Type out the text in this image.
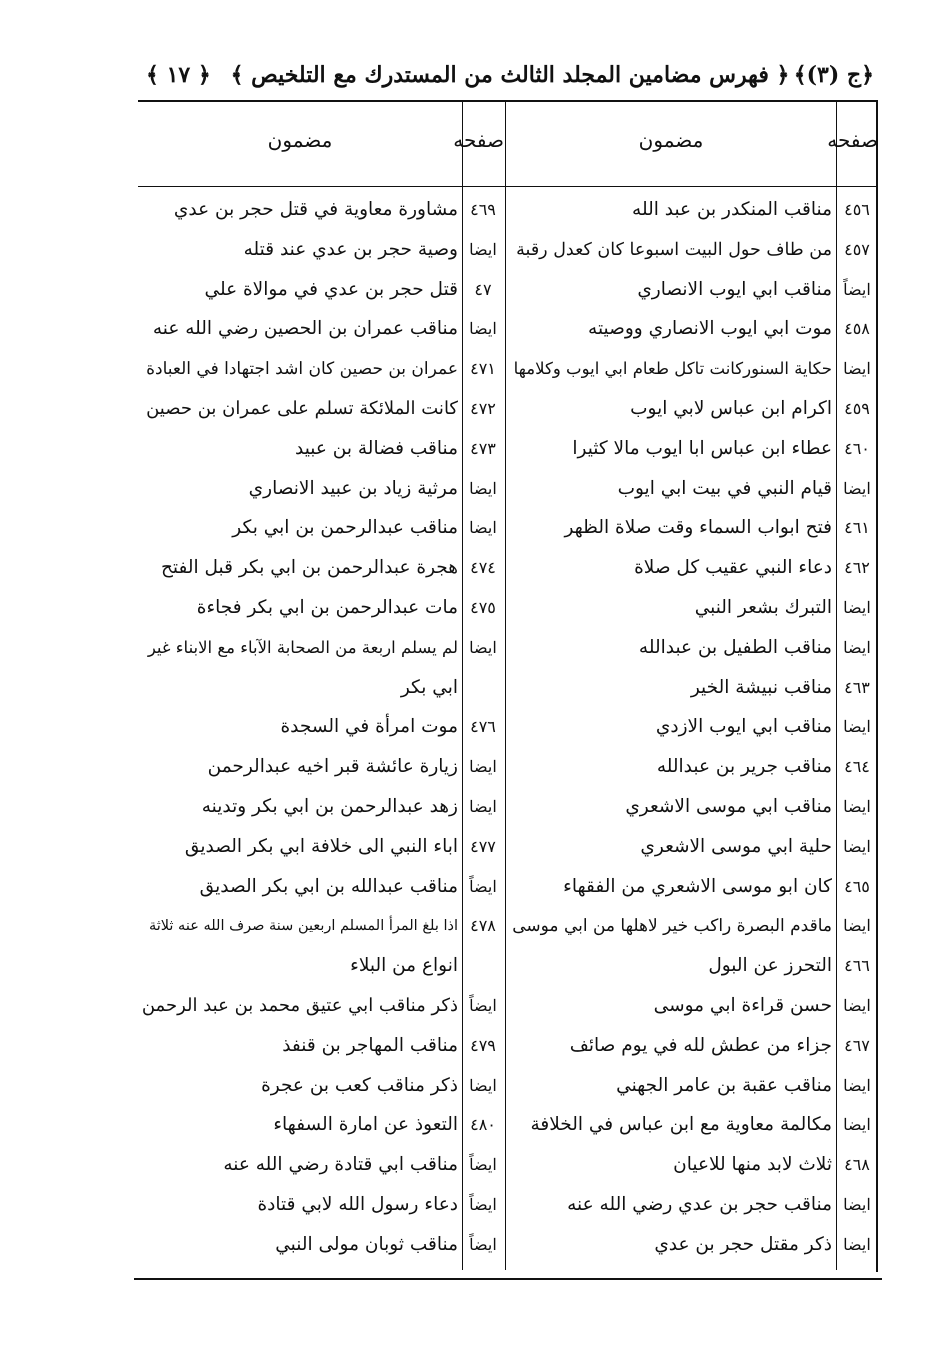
﴿ج (٣)﴾
﴿ فهرس مضامين المجلد الثالث من المستدرك مع التلخيص ﴾
﴿ ١٧ ﴾
صفحه
مضمون
صفحه
مضمون
٤٥٦
مناقب المنكدر بن عبد الله
٤٥٧
من طاف حول البيت اسبوعا كان كعدل رقبة
ايضاً
مناقب ابي ايوب الانصاري
٤٥٨
موت ابي ايوب الانصاري ووصيته
ايضا
حكاية السنوركانت تاكل طعام ابي ايوب وكلامها
٤٥٩
اكرام ابن عباس لابي ايوب
٤٦٠
عطاء ابن عباس ابا ايوب مالا كثيرا
ايضا
قيام النبي في بيت ابي ايوب
٤٦١
فتح ابواب السماء وقت صلاة الظهر
٤٦٢
دعاء النبي عقيب كل صلاة
ايضا
التبرك بشعر النبي
ايضا
مناقب الطفيل بن عبدالله
٤٦٣
مناقب نبيشة الخير
ايضا
مناقب ابي ايوب الازدي
٤٦٤
مناقب جرير بن عبدالله
ايضا
مناقب ابي موسى الاشعري
ايضا
حلية ابي موسى الاشعري
٤٦٥
كان ابو موسى الاشعري من الفقهاء
ايضا
ماقدم البصرة راكب خير لاهلها من ابي موسى
٤٦٦
التحرز عن البول
ايضا
حسن قراءة ابي موسى
٤٦٧
جزاء من عطش لله في يوم صائف
ايضا
مناقب عقبة بن عامر الجهني
ايضا
مكالمة معاوية مع ابن عباس في الخلافة
٤٦٨
ثلاث لابد منها للاعيان
ايضا
مناقب حجر بن عدي رضي الله عنه
ايضا
ذكر مقتل حجر بن عدي
٤٦٩
مشاورة معاوية في قتل حجر بن عدي
ايضا
وصية حجر بن عدي عند قتله
٤٧
قتل حجر بن عدي في موالاة علي
ايضا
مناقب عمران بن الحصين رضي الله عنه
٤٧١
عمران بن حصين كان اشد اجتهادا في العبادة
٤٧٢
كانت الملائكة تسلم على عمران بن حصين
٤٧٣
مناقب فضالة بن عبيد
ايضا
مرثية زياد بن عبيد الانصاري
ايضا
مناقب عبدالرحمن بن ابي بكر
٤٧٤
هجرة عبدالرحمن بن ابي بكر قبل الفتح
٤٧٥
مات عبدالرحمن بن ابي بكر فجاءة
ايضا
لم يسلم اربعة من الصحابة الآباء مع الابناء غير
ابي بكر
٤٧٦
موت امرأة في السجدة
ايضا
زيارة عائشة قبر اخيه عبدالرحمن
ايضا
زهد عبدالرحمن بن ابي بكر وتدينه
٤٧٧
اباء النبي الى خلافة ابي بكر الصديق
ايضاً
مناقب عبدالله بن ابي بكر الصديق
٤٧٨
اذا بلغ المرأ المسلم اربعين سنة صرف الله عنه ثلاثة
انواع من البلاء
ايضاً
ذكر مناقب ابي عتيق محمد بن عبد الرحمن
٤٧٩
مناقب المهاجر بن قنفذ
ايضا
ذكر مناقب كعب بن عجرة
٤٨٠
التعوذ عن امارة السفهاء
ايضاً
مناقب ابي قتادة رضي الله عنه
ايضاً
دعاء رسول الله لابي قتادة
ايضاً
مناقب ثوبان مولى النبي
